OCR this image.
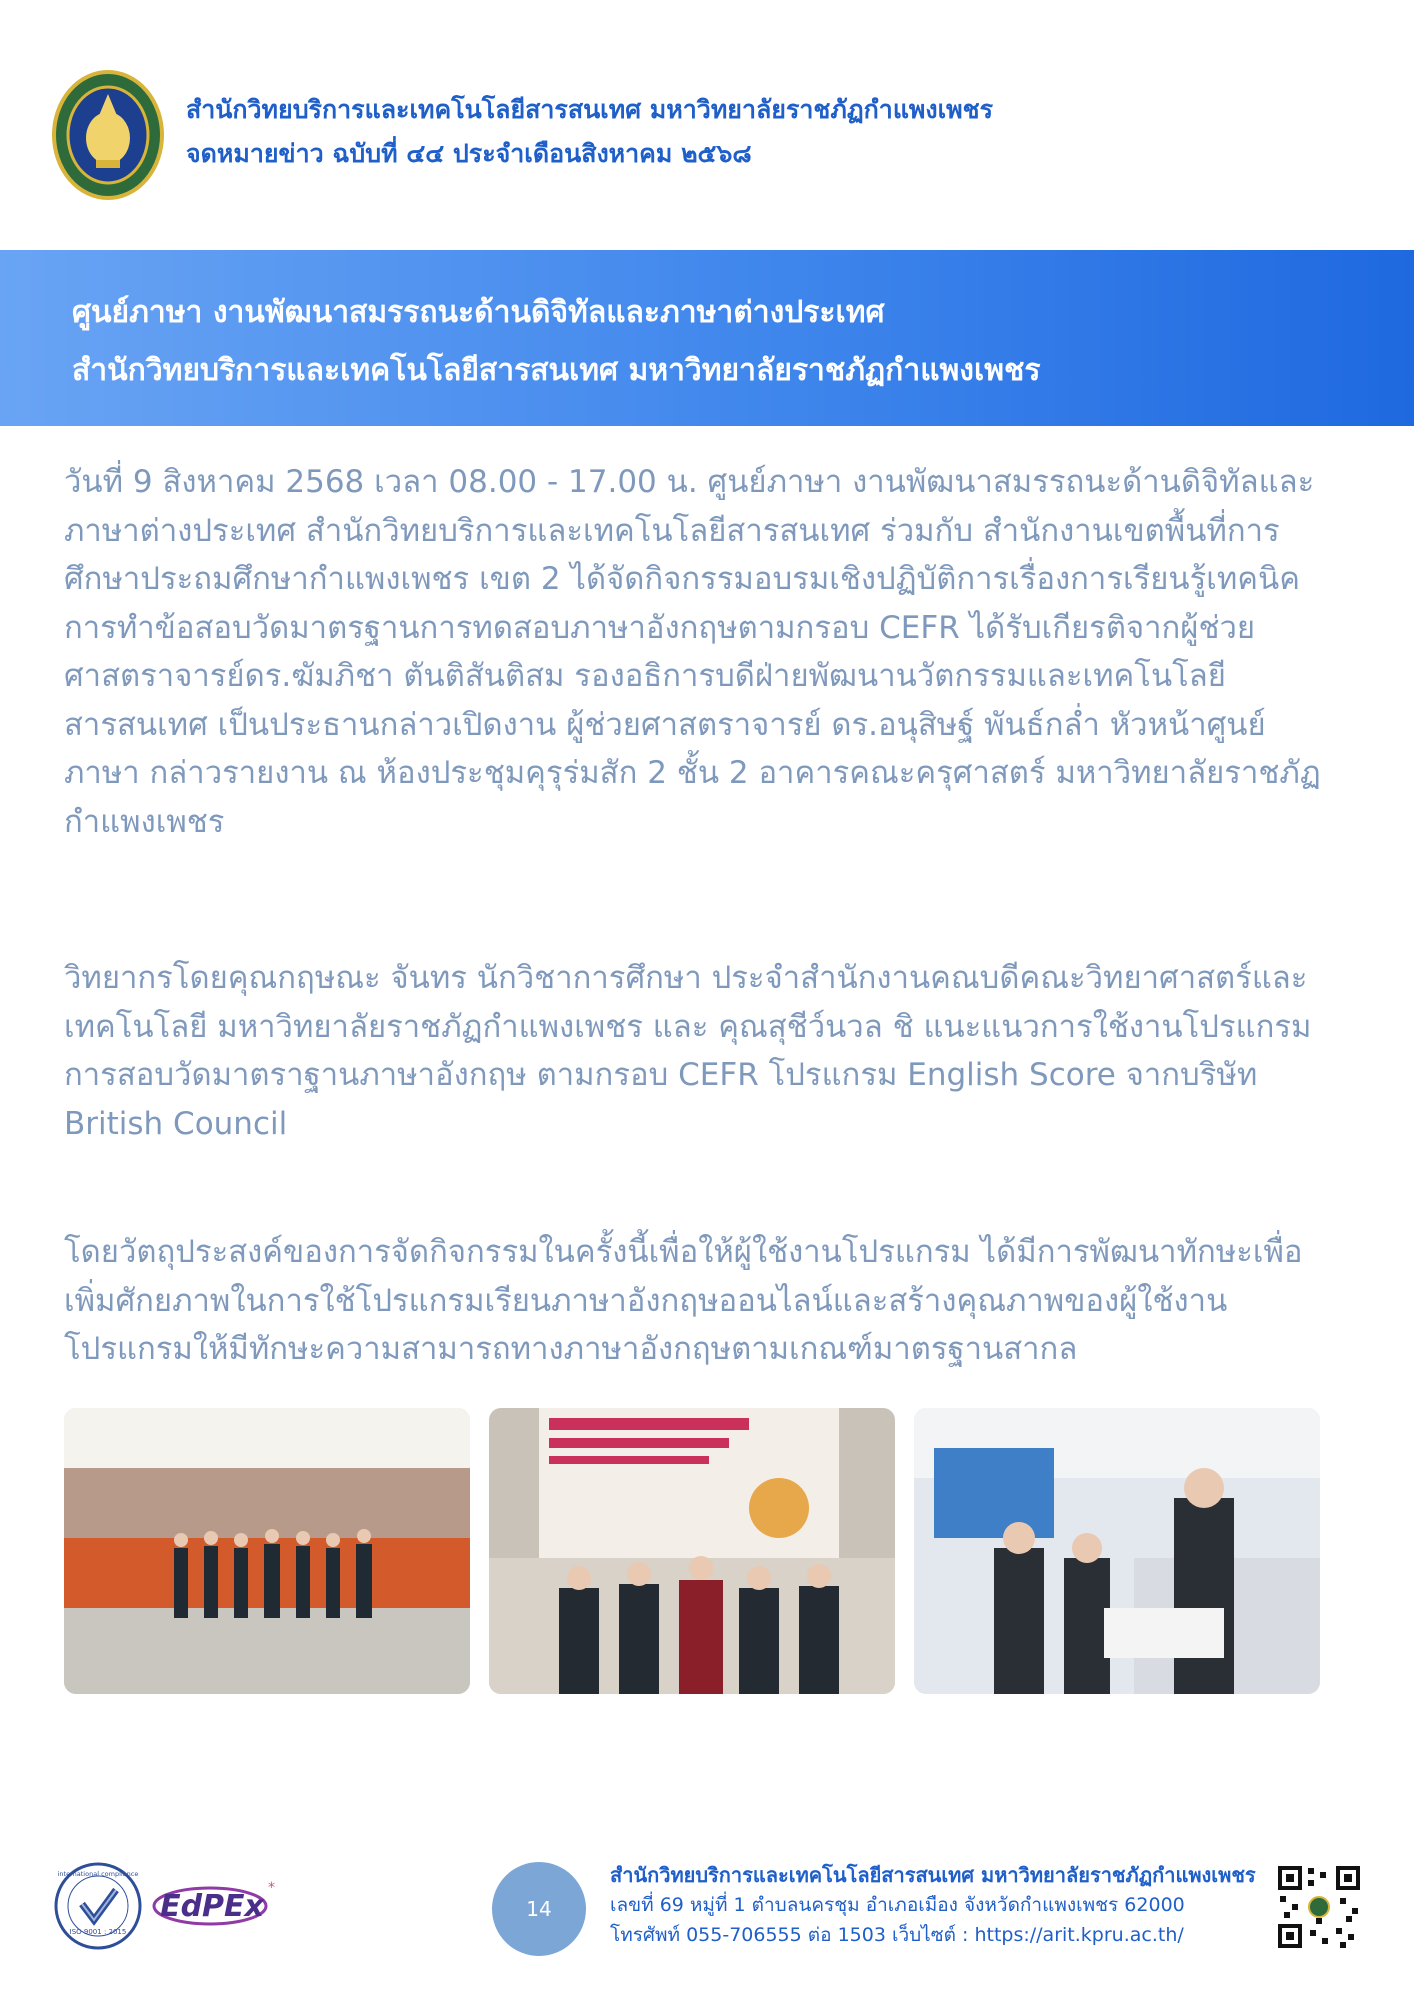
สำนักวิทยบริการและเทคโนโลยีสารสนเทศ มหาวิทยาลัยราชภัฏกำแพงเพชร
จดหมายข่าว ฉบับที่ ๔๔ ประจำเดือนสิงหาคม ๒๕๖๘
ศูนย์ภาษา งานพัฒนาสมรรถนะด้านดิจิทัลและภาษาต่างประเทศ
สำนักวิทยบริการและเทคโนโลยีสารสนเทศ มหาวิทยาลัยราชภัฏกำแพงเพชร
วันที่ 9 สิงหาคม 2568 เวลา 08.00 - 17.00 น. ศูนย์ภาษา งานพัฒนาสมรรถนะด้านดิจิทัลและ
ภาษาต่างประเทศ สำนักวิทยบริการและเทคโนโลยีสารสนเทศ ร่วมกับ สำนักงานเขตพื้นที่การ
ศึกษาประถมศึกษากำแพงเพชร เขต 2 ได้จัดกิจกรรมอบรมเชิงปฏิบัติการเรื่องการเรียนรู้เทคนิค
การทำข้อสอบวัดมาตรฐานการทดสอบภาษาอังกฤษตามกรอบ CEFR ได้รับเกียรติจากผู้ช่วย
ศาสตราจารย์ดร.ฆัมภิชา ตันติสันติสม รองอธิการบดีฝ่ายพัฒนานวัตกรรมและเทคโนโลยี
สารสนเทศ เป็นประธานกล่าวเปิดงาน ผู้ช่วยศาสตราจารย์ ดร.อนุสิษฐ์ พันธ์กล่ำ หัวหน้าศูนย์
ภาษา กล่าวรายงาน ณ ห้องประชุมคุรุร่มสัก 2 ชั้น 2 อาคารคณะครุศาสตร์ มหาวิทยาลัยราชภัฏ
กำแพงเพชร
วิทยากรโดยคุณกฤษณะ จันทร นักวิชาการศึกษา ประจำสำนักงานคณบดีคณะวิทยาศาสตร์และ
เทคโนโลยี มหาวิทยาลัยราชภัฏกำแพงเพชร และ คุณสุชีว์นวล ชิ แนะแนวการใช้งานโปรแกรม
การสอบวัดมาตราฐานภาษาอังกฤษ ตามกรอบ CEFR โปรแกรม English Score จากบริษัท
British Council
โดยวัตถุประสงค์ของการจัดกิจกรรมในครั้งนี้เพื่อให้ผู้ใช้งานโปรแกรม ได้มีการพัฒนาทักษะเพื่อ
เพิ่มศักยภาพในการใช้โปรแกรมเรียนภาษาอังกฤษออนไลน์และสร้างคุณภาพของผู้ใช้งาน
โปรแกรมให้มีทักษะความสามารถทางภาษาอังกฤษตามเกณฑ์มาตรฐานสากล
ISO 9001 : 2015
international compliance
EdPEx
*
14
สำนักวิทยบริการและเทคโนโลยีสารสนเทศ มหาวิทยาลัยราชภัฏกำแพงเพชร
เลขที่ 69 หมู่ที่ 1 ตำบลนครชุม อำเภอเมือง จังหวัดกำแพงเพชร 62000
โทรศัพท์ 055-706555 ต่อ 1503 เว็บไซต์ : https://arit.kpru.ac.th/
